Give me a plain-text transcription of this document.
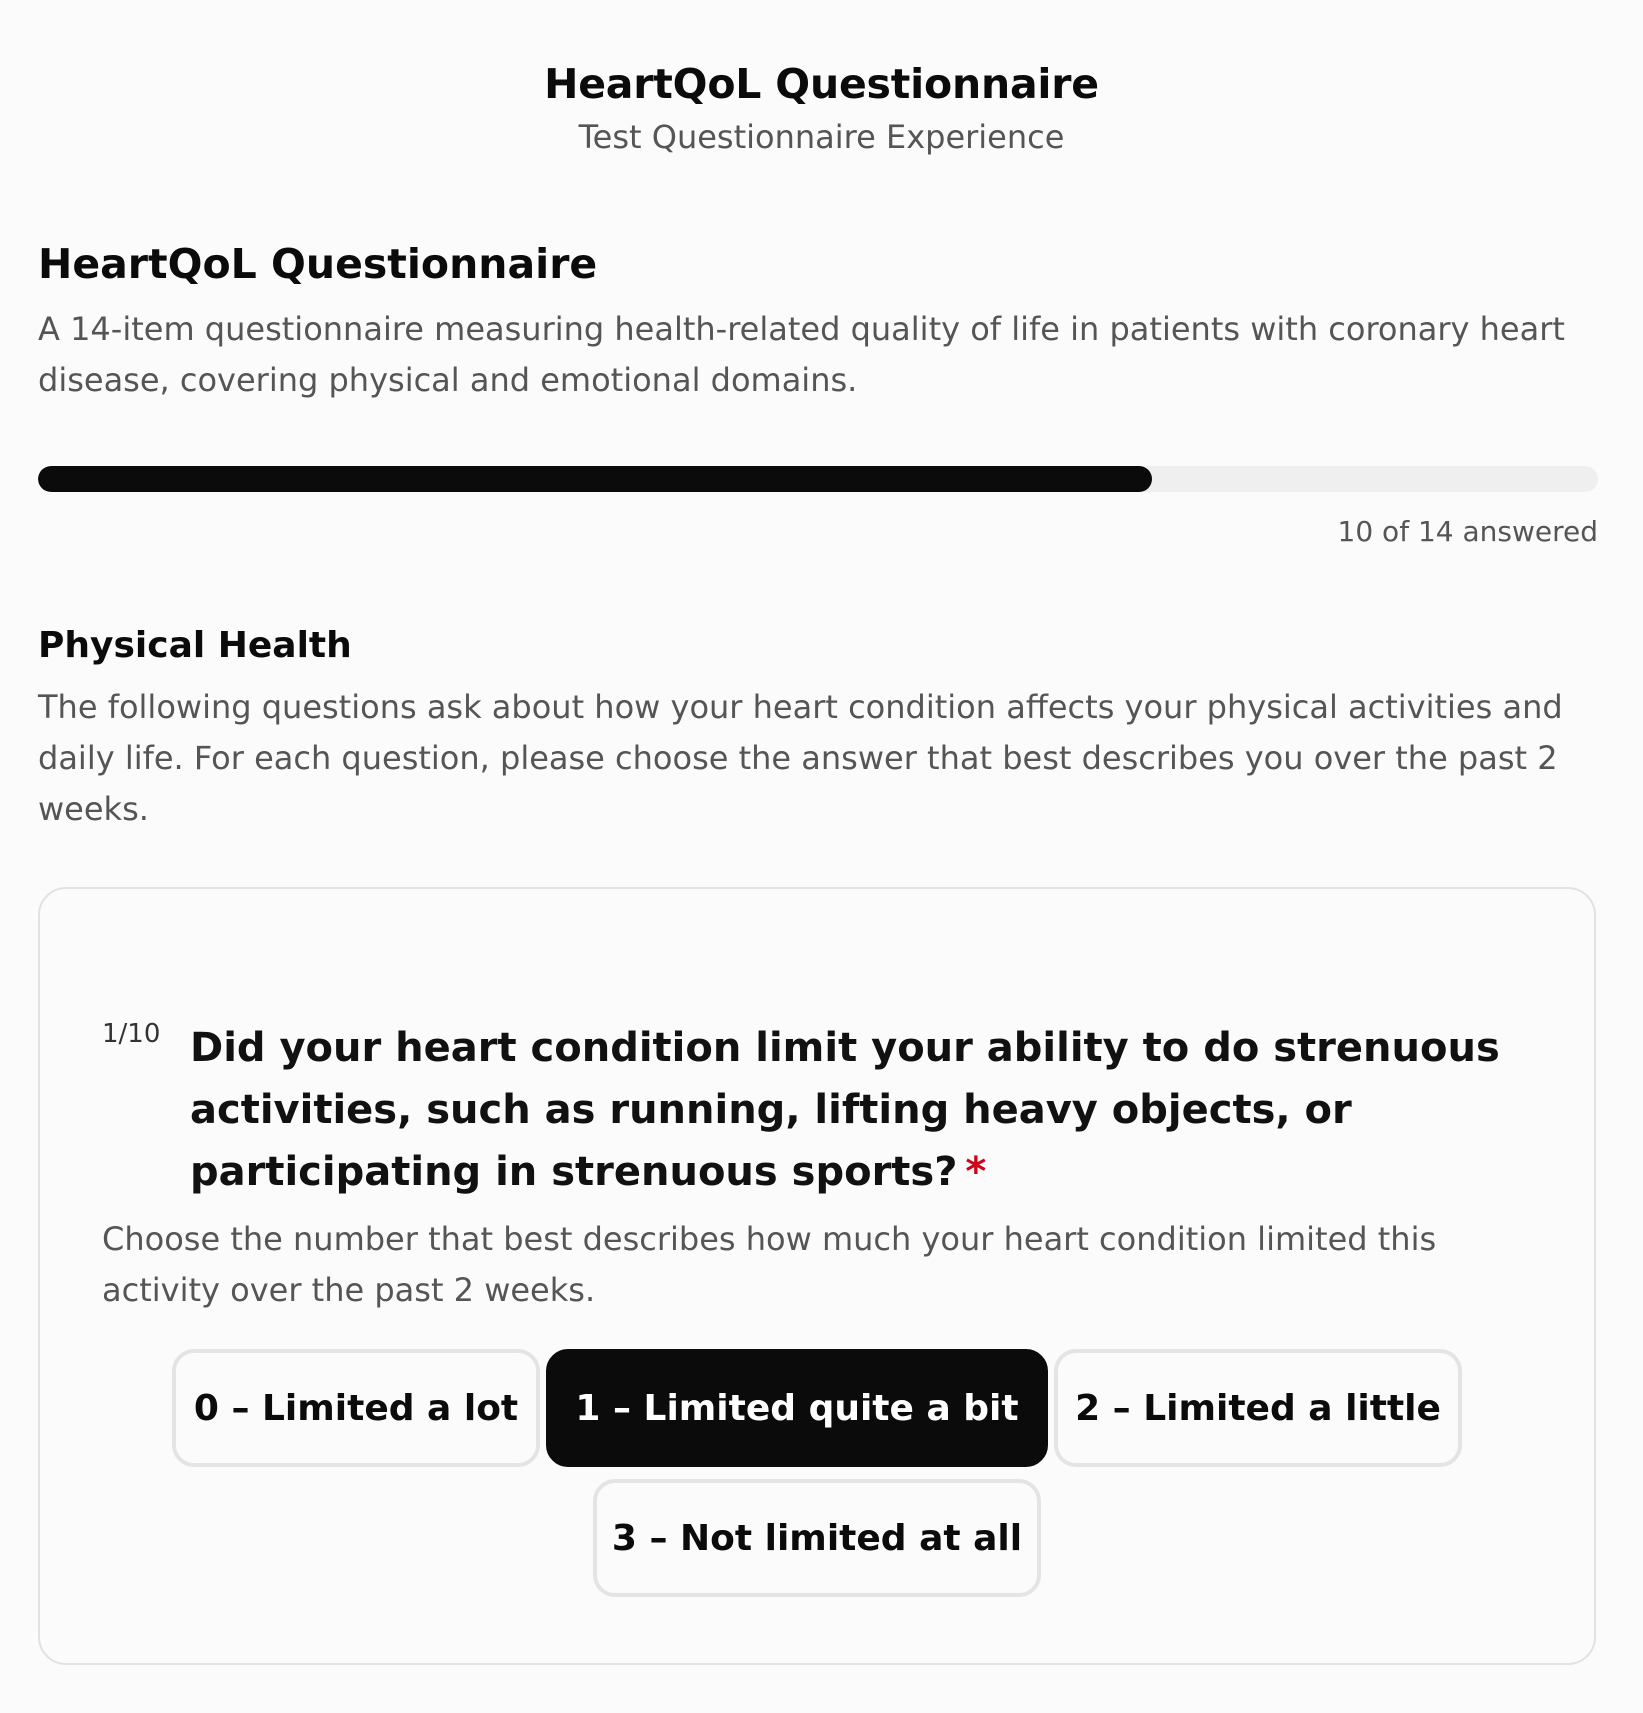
HeartQoL Questionnaire
Test Questionnaire Experience
HeartQoL Questionnaire
A 14-item questionnaire measuring health-related quality of life in patients with coronary heart disease, covering physical and emotional domains.
10 of 14 answered
Physical Health
The following questions ask about how your heart condition affects your physical activities and daily life. For each question, please choose the answer that best describes you over the past 2 weeks.
1/10 Did your heart condition limit your ability to do strenuous activities, such as running, lifting heavy objects, or participating in strenuous sports? *
Choose the number that best describes how much your heart condition limited this activity over the past 2 weeks.
0 – Limited a lot	1 – Limited quite a bit	2 – Limited a little
3 – Not limited at all
